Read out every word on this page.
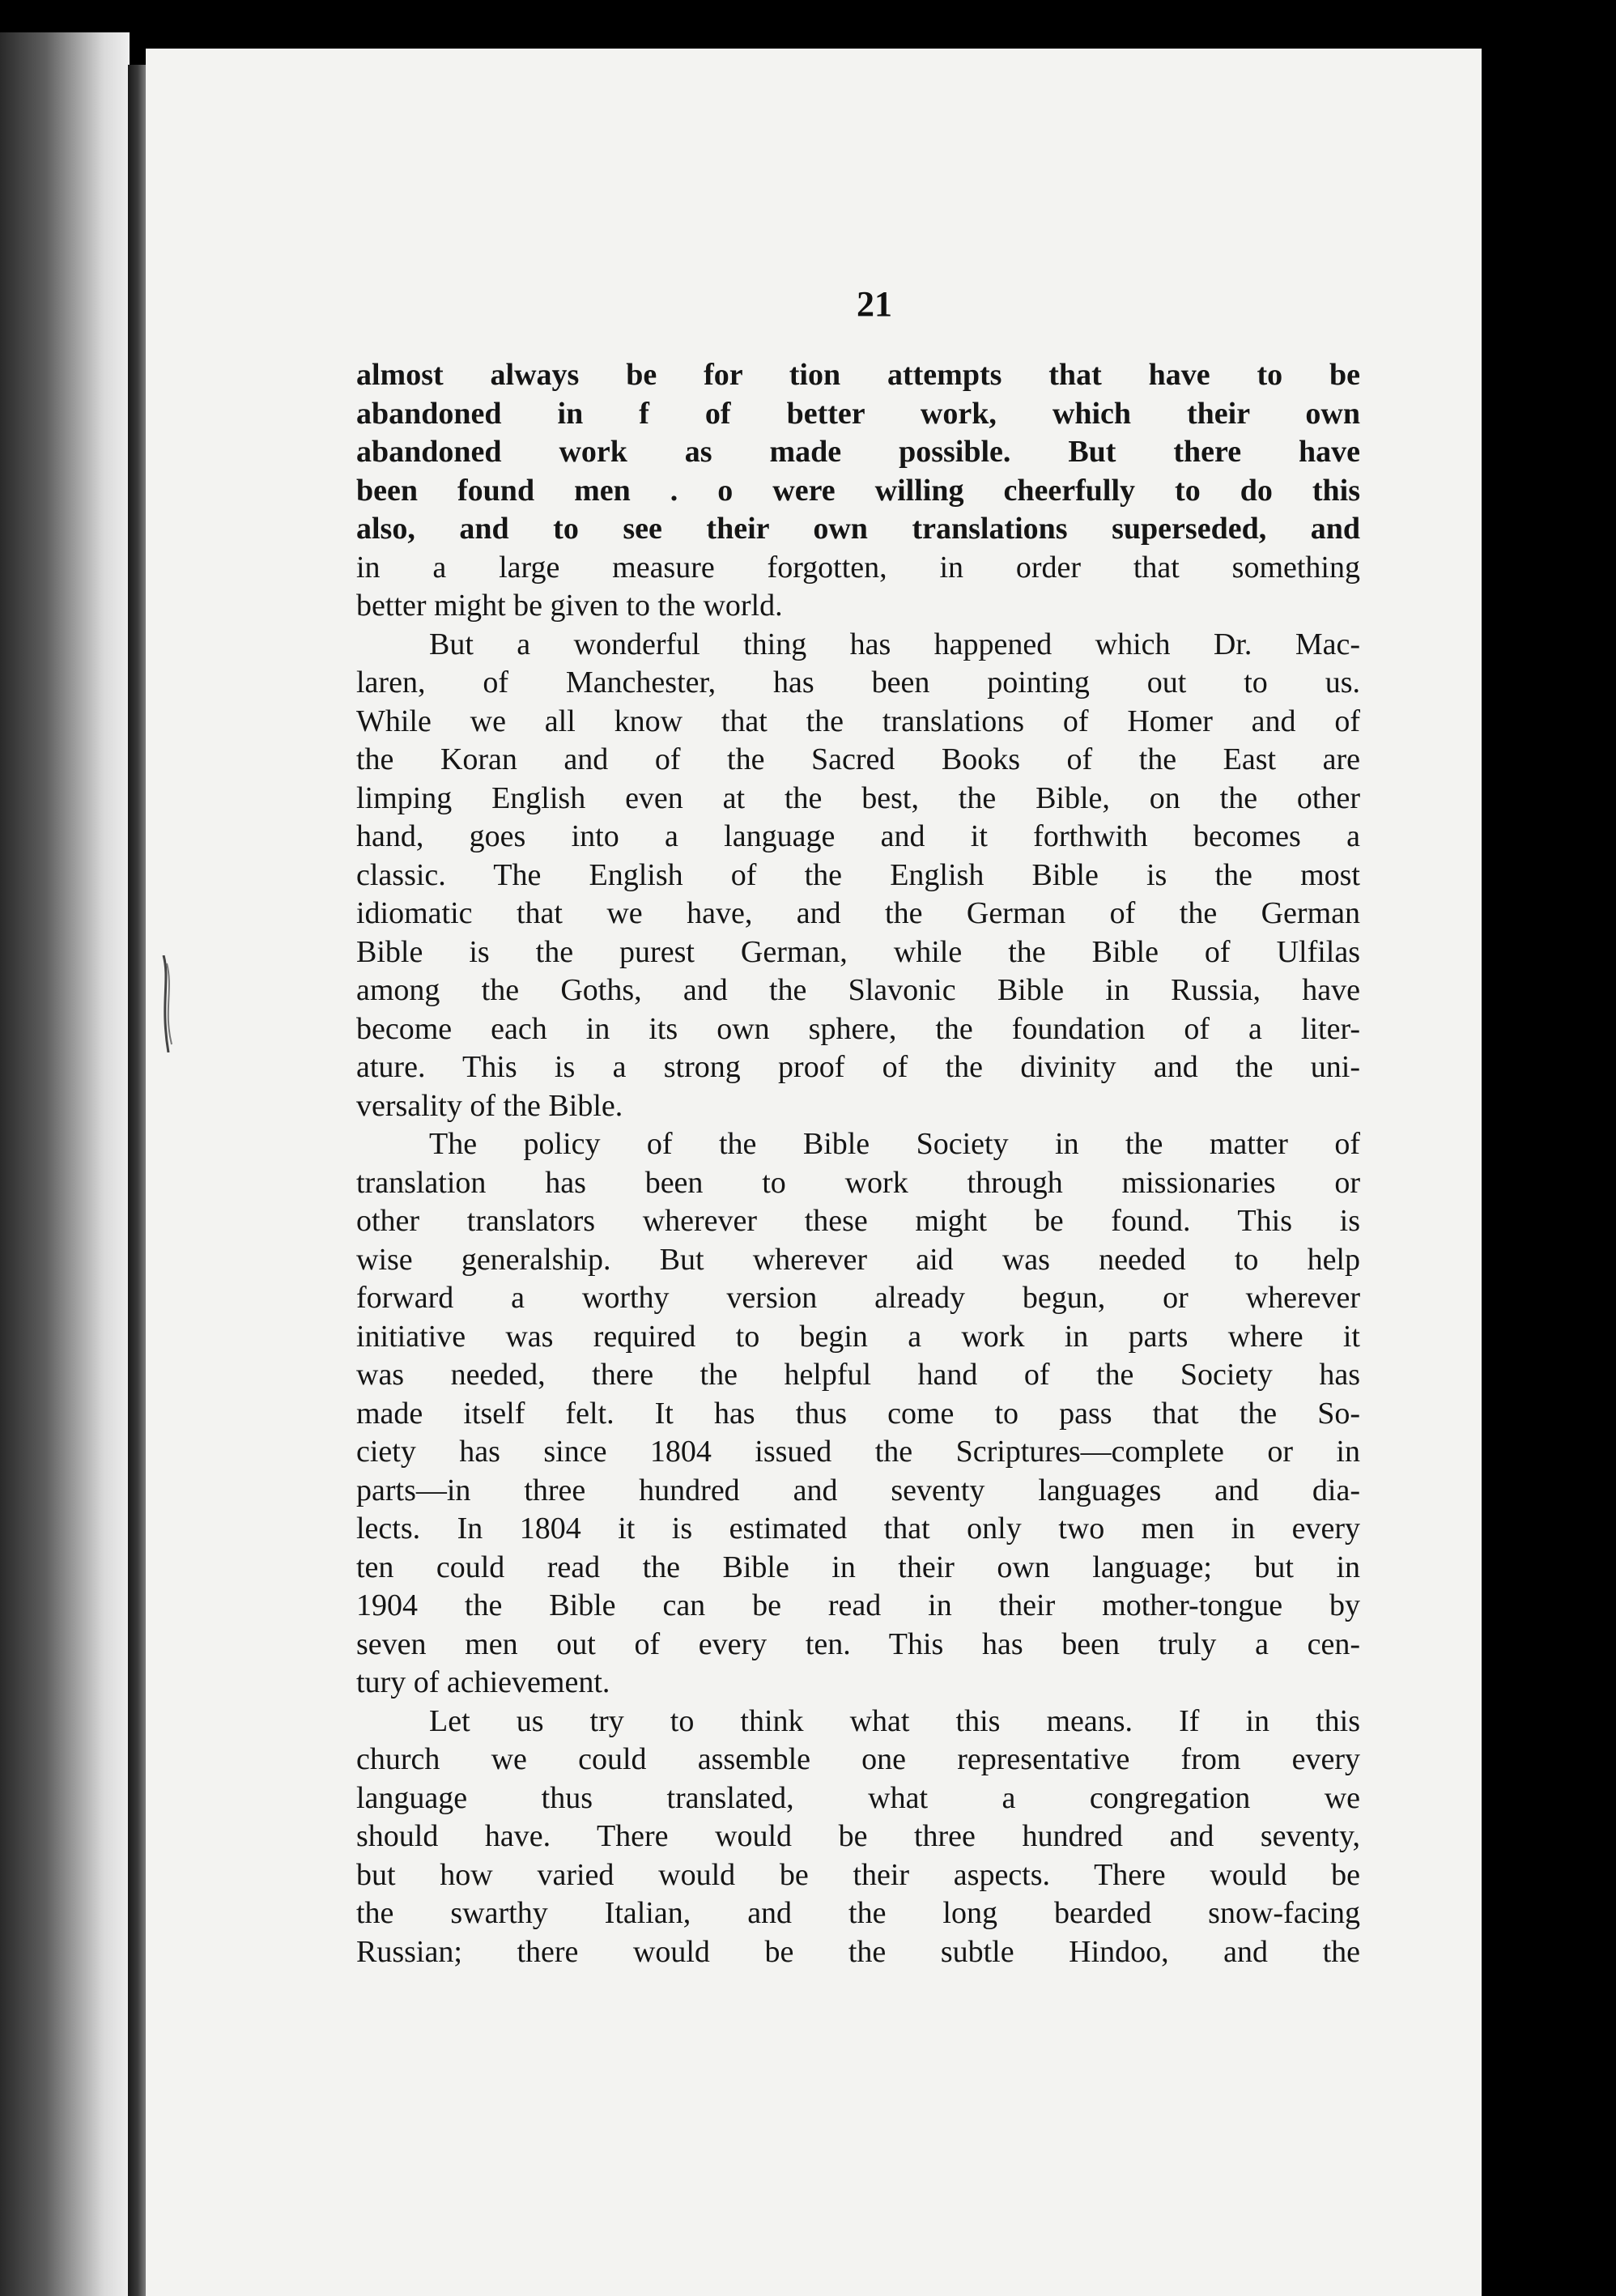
21
almost always be for tion attempts that have to be
abandoned in f of better work, which their own
abandoned work as made possible. But there have
been found men . o were willing cheerfully to do this
also, and to see their own translations superseded, and
in a large measure forgotten, in order that something
better might be given to the world.
But a wonderful thing has happened which Dr. Mac-
laren, of Manchester, has been pointing out to us.
While we all know that the translations of Homer and of
the Koran and of the Sacred Books of the East are
limping English even at the best, the Bible, on the other
hand, goes into a language and it forthwith becomes a
classic. The English of the English Bible is the most
idiomatic that we have, and the German of the German
Bible is the purest German, while the Bible of Ulfilas
among the Goths, and the Slavonic Bible in Russia, have
become each in its own sphere, the foundation of a liter-
ature. This is a strong proof of the divinity and the uni-
versality of the Bible.
The policy of the Bible Society in the matter of
translation has been to work through missionaries or
other translators wherever these might be found. This is
wise generalship. But wherever aid was needed to help
forward a worthy version already begun, or wherever
initiative was required to begin a work in parts where it
was needed, there the helpful hand of the Society has
made itself felt. It has thus come to pass that the So-
ciety has since 1804 issued the Scriptures—complete or in
parts—in three hundred and seventy languages and dia-
lects. In 1804 it is estimated that only two men in every
ten could read the Bible in their own language; but in
1904 the Bible can be read in their mother-tongue by
seven men out of every ten. This has been truly a cen-
tury of achievement.
Let us try to think what this means. If in this
church we could assemble one representative from every
language thus translated, what a congregation we
should have. There would be three hundred and seventy,
but how varied would be their aspects. There would be
the swarthy Italian, and the long bearded snow-facing
Russian; there would be the subtle Hindoo, and the
